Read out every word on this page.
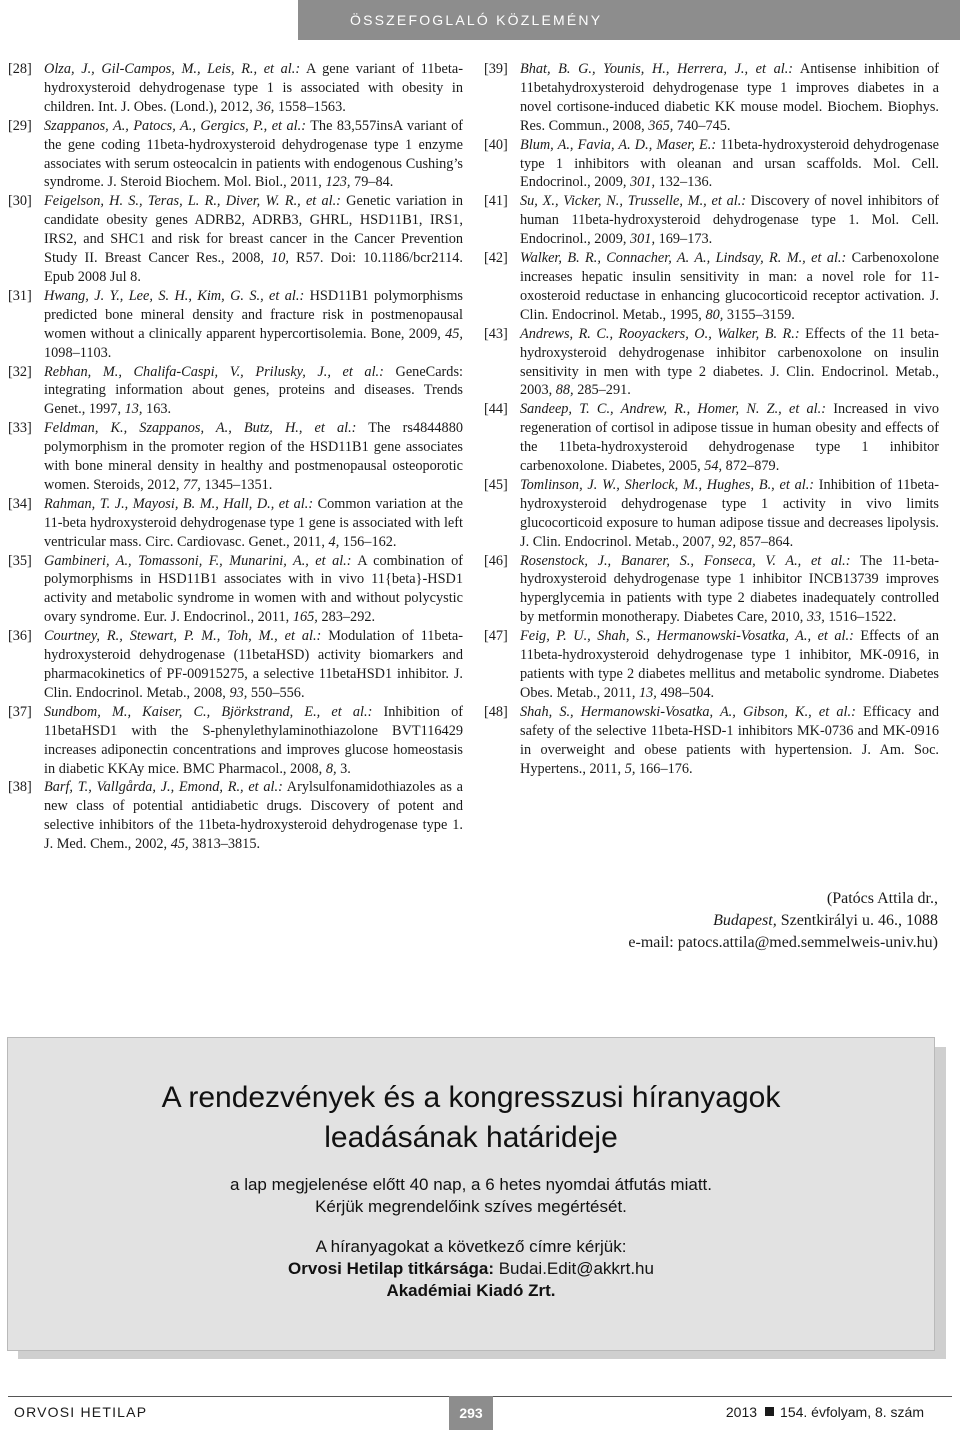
ÖSSZEFOGLALÓ KÖZLEMÉNY
[28] Olza, J., Gil-Campos, M., Leis, R., et al.: A gene variant of 11beta-hydroxysteroid dehydrogenase type 1 is associated with obesity in children. Int. J. Obes. (Lond.), 2012, 36, 1558–1563.
[29] Szappanos, A., Patocs, A., Gergics, P., et al.: The 83,557insA variant of the gene coding 11beta-hydroxysteroid dehydrogenase type 1 enzyme associates with serum osteocalcin in patients with endogenous Cushing’s syndrome. J. Steroid Biochem. Mol. Biol., 2011, 123, 79–84.
[30] Feigelson, H. S., Teras, L. R., Diver, W. R., et al.: Genetic variation in candidate obesity genes ADRB2, ADRB3, GHRL, HSD11B1, IRS1, IRS2, and SHC1 and risk for breast cancer in the Cancer Prevention Study II. Breast Cancer Res., 2008, 10, R57. Doi: 10.1186/bcr2114. Epub 2008 Jul 8.
[31] Hwang, J. Y., Lee, S. H., Kim, G. S., et al.: HSD11B1 polymorphisms predicted bone mineral density and fracture risk in postmenopausal women without a clinically apparent hypercortisolemia. Bone, 2009, 45, 1098–1103.
[32] Rebhan, M., Chalifa-Caspi, V., Prilusky, J., et al.: GeneCards: integrating information about genes, proteins and diseases. Trends Genet., 1997, 13, 163.
[33] Feldman, K., Szappanos, A., Butz, H., et al.: The rs4844880 polymorphism in the promoter region of the HSD11B1 gene associates with bone mineral density in healthy and postmenopausal osteoporotic women. Steroids, 2012, 77, 1345–1351.
[34] Rahman, T. J., Mayosi, B. M., Hall, D., et al.: Common variation at the 11-beta hydroxysteroid dehydrogenase type 1 gene is associated with left ventricular mass. Circ. Cardiovasc. Genet., 2011, 4, 156–162.
[35] Gambineri, A., Tomassoni, F., Munarini, A., et al.: A combination of polymorphisms in HSD11B1 associates with in vivo 11{beta}-HSD1 activity and metabolic syndrome in women with and without polycystic ovary syndrome. Eur. J. Endocrinol., 2011, 165, 283–292.
[36] Courtney, R., Stewart, P. M., Toh, M., et al.: Modulation of 11beta-hydroxysteroid dehydrogenase (11betaHSD) activity biomarkers and pharmacokinetics of PF-00915275, a selective 11betaHSD1 inhibitor. J. Clin. Endocrinol. Metab., 2008, 93, 550–556.
[37] Sundbom, M., Kaiser, C., Björkstrand, E., et al.: Inhibition of 11betaHSD1 with the S-phenylethylaminothiazolone BVT116429 increases adiponectin concentrations and improves glucose homeostasis in diabetic KKAy mice. BMC Pharmacol., 2008, 8, 3.
[38] Barf, T., Vallgårda, J., Emond, R., et al.: Arylsulfonamidothiazoles as a new class of potential antidiabetic drugs. Discovery of potent and selective inhibitors of the 11beta-hydroxysteroid dehydrogenase type 1. J. Med. Chem., 2002, 45, 3813–3815.
[39] Bhat, B. G., Younis, H., Herrera, J., et al.: Antisense inhibition of 11betahydroxysteroid dehydrogenase type 1 improves diabetes in a novel cortisone-induced diabetic KK mouse model. Biochem. Biophys. Res. Commun., 2008, 365, 740–745.
[40] Blum, A., Favia, A. D., Maser, E.: 11beta-hydroxysteroid dehydrogenase type 1 inhibitors with oleanan and ursan scaffolds. Mol. Cell. Endocrinol., 2009, 301, 132–136.
[41] Su, X., Vicker, N., Trusselle, M., et al.: Discovery of novel inhibitors of human 11beta-hydroxysteroid dehydrogenase type 1. Mol. Cell. Endocrinol., 2009, 301, 169–173.
[42] Walker, B. R., Connacher, A. A., Lindsay, R. M., et al.: Carbenoxolone increases hepatic insulin sensitivity in man: a novel role for 11-oxosteroid reductase in enhancing glucocorticoid receptor activation. J. Clin. Endocrinol. Metab., 1995, 80, 3155–3159.
[43] Andrews, R. C., Rooyackers, O., Walker, B. R.: Effects of the 11 beta-hydroxysteroid dehydrogenase inhibitor carbenoxolone on insulin sensitivity in men with type 2 diabetes. J. Clin. Endocrinol. Metab., 2003, 88, 285–291.
[44] Sandeep, T. C., Andrew, R., Homer, N. Z., et al.: Increased in vivo regeneration of cortisol in adipose tissue in human obesity and effects of the 11beta-hydroxysteroid dehydrogenase type 1 inhibitor carbenoxolone. Diabetes, 2005, 54, 872–879.
[45] Tomlinson, J. W., Sherlock, M., Hughes, B., et al.: Inhibition of 11beta-hydroxysteroid dehydrogenase type 1 activity in vivo limits glucocorticoid exposure to human adipose tissue and decreases lipolysis. J. Clin. Endocrinol. Metab., 2007, 92, 857–864.
[46] Rosenstock, J., Banarer, S., Fonseca, V. A., et al.: The 11-beta-hydroxysteroid dehydrogenase type 1 inhibitor INCB13739 improves hyperglycemia in patients with type 2 diabetes inadequately controlled by metformin monotherapy. Diabetes Care, 2010, 33, 1516–1522.
[47] Feig, P. U., Shah, S., Hermanowski-Vosatka, A., et al.: Effects of an 11beta-hydroxysteroid dehydrogenase type 1 inhibitor, MK-0916, in patients with type 2 diabetes mellitus and metabolic syndrome. Diabetes Obes. Metab., 2011, 13, 498–504.
[48] Shah, S., Hermanowski-Vosatka, A., Gibson, K., et al.: Efficacy and safety of the selective 11beta-HSD-1 inhibitors MK-0736 and MK-0916 in overweight and obese patients with hypertension. J. Am. Soc. Hypertens., 2011, 5, 166–176.
(Patócs Attila dr.,
Budapest, Szentkirályi u. 46., 1088
e-mail: patocs.attila@med.semmelweis-univ.hu)
A rendezvények és a kongresszusi híranyagok
leadásának határideje
a lap megjelenése előtt 40 nap, a 6 hetes nyomdai átfutás miatt.
Kérjük megrendelőink szíves megértését.
A híranyagokat a következő címre kérjük:
Orvosi Hetilap titkársága: Budai.Edit@akkrt.hu
Akadémiai Kiadó Zrt.
ORVOSI HETILAP	293	2013 154. évfolyam, 8. szám
